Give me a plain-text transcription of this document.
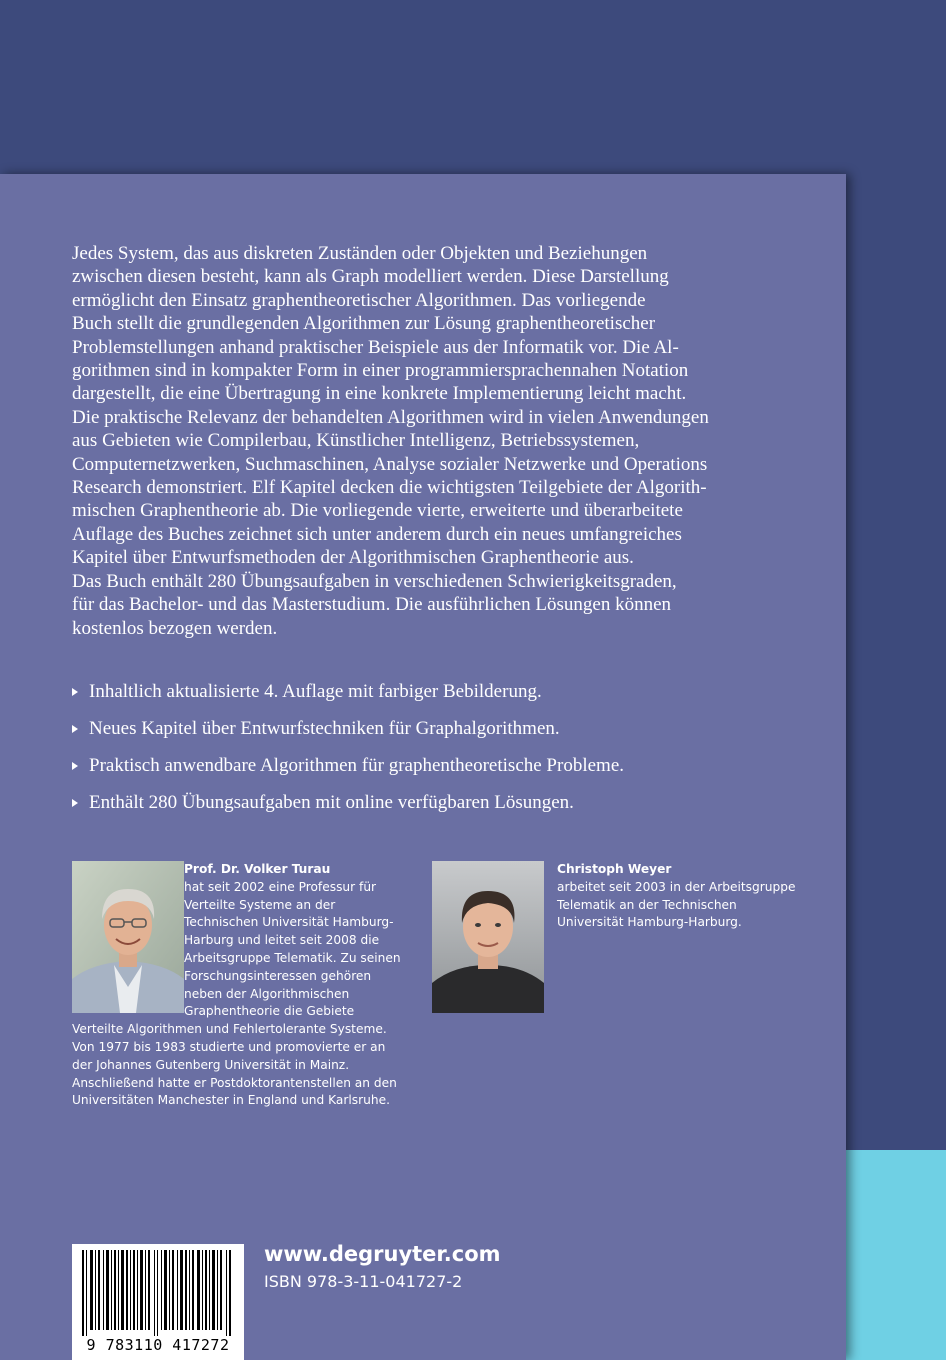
Jedes System, das aus diskreten Zuständen oder Objekten und Beziehungen
zwischen diesen besteht, kann als Graph modelliert werden. Diese Darstellung
ermöglicht den Einsatz graphentheoretischer Algorithmen. Das vorliegende
Buch stellt die grundlegenden Algorithmen zur Lösung graphentheoretischer
Problemstellungen anhand praktischer Beispiele aus der Informatik vor. Die Al-
gorithmen sind in kompakter Form in einer programmiersprachennahen Notation
dargestellt, die eine Übertragung in eine konkrete Implementierung leicht macht.
Die praktische Relevanz der behandelten Algorithmen wird in vielen Anwendungen
aus Gebieten wie Compilerbau, Künstlicher Intelligenz, Betriebssystemen,
Computernetzwerken, Suchmaschinen, Analyse sozialer Netzwerke und Operations
Research demonstriert. Elf Kapitel decken die wichtigsten Teilgebiete der Algorith-
mischen Graphentheorie ab. Die vorliegende vierte, erweiterte und überarbeitete
Auflage des Buches zeichnet sich unter anderem durch ein neues umfangreiches
Kapitel über Entwurfsmethoden der Algorithmischen Graphentheorie aus.
Das Buch enthält 280 Übungsaufgaben in verschiedenen Schwierigkeitsgraden,
für das Bachelor- und das Masterstudium. Die ausführlichen Lösungen können
kostenlos bezogen werden.

Inhaltlich aktualisierte 4. Auflage mit farbiger Bebilderung.
Neues Kapitel über Entwurfstechniken für Graphalgorithmen.
Praktisch anwendbare Algorithmen für graphentheoretische Probleme.
Enthält 280 Übungsaufgaben mit online verfügbaren Lösungen.

Prof. Dr. Volker Turau
hat seit 2002 eine Professur für Verteilte Systeme an der Technischen Universität Hamburg-Harburg und leitet seit 2008 die Arbeitsgruppe Telematik. Zu seinen Forschungsinteressen gehören neben der Algorithmischen Graphentheorie die Gebiete Verteilte Algorithmen und Fehlertolerante Systeme. Von 1977 bis 1983 studierte und promovierte er an der Johannes Gutenberg Universität in Mainz. Anschließend hatte er Postdoktorantenstellen an den Universitäten Manchester in England und Karlsruhe.

Christoph Weyer
arbeitet seit 2003 in der Arbeitsgruppe Telematik an der Technischen Universität Hamburg-Harburg.

9 783110 417272
www.degruyter.com
ISBN 978-3-11-041727-2
